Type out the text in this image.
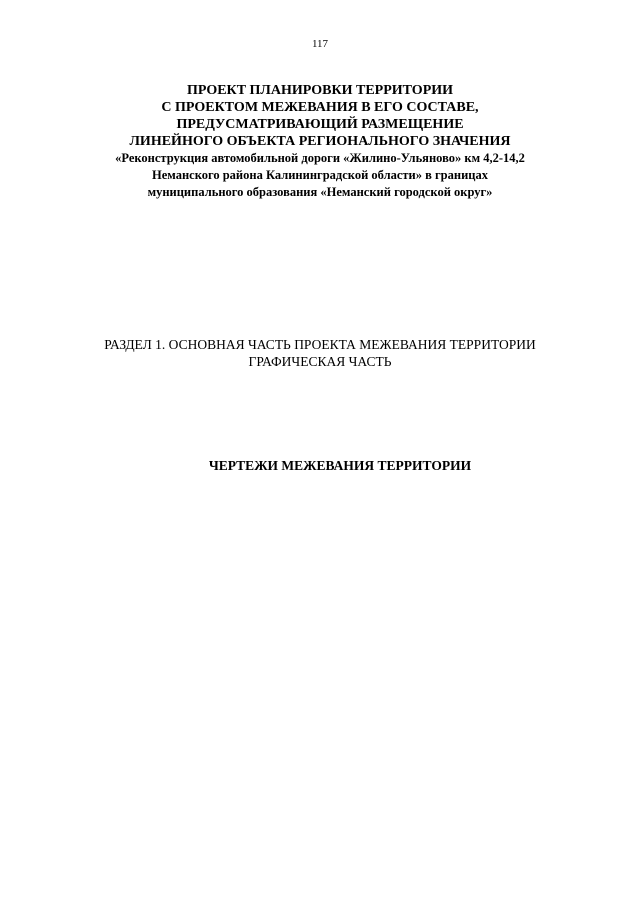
117
ПРОЕКТ ПЛАНИРОВКИ ТЕРРИТОРИИ
С ПРОЕКТОМ МЕЖЕВАНИЯ В ЕГО СОСТАВЕ,
ПРЕДУСМАТРИВАЮЩИЙ РАЗМЕЩЕНИЕ
ЛИНЕЙНОГО ОБЪЕКТА РЕГИОНАЛЬНОГО ЗНАЧЕНИЯ
«Реконструкция автомобильной дороги «Жилино-Ульяново» км 4,2-14,2
Неманского района Калининградской области» в границах
муниципального образования «Неманский городской округ»
РАЗДЕЛ 1. ОСНОВНАЯ ЧАСТЬ ПРОЕКТА МЕЖЕВАНИЯ ТЕРРИТОРИИ
ГРАФИЧЕСКАЯ ЧАСТЬ
ЧЕРТЕЖИ МЕЖЕВАНИЯ ТЕРРИТОРИИ
